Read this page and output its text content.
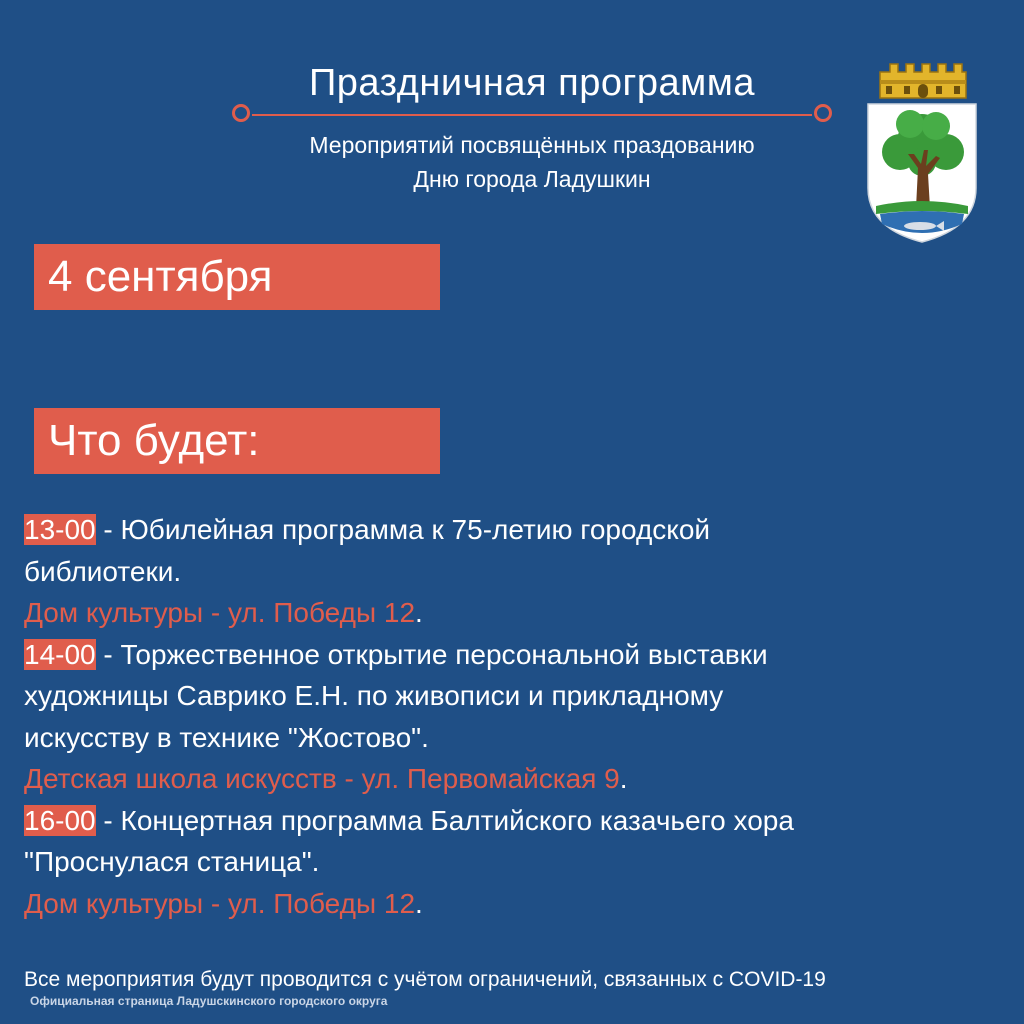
Праздничная программа
Мероприятий посвящённых праздованию
Дню города Ладушкин
4 сентября
Что будет:
13-00 - Юбилейная программа к 75-летию городской
библиотеки.
Дом культуры - ул. Победы 12.
14-00 - Торжественное открытие персональной выставки
художницы Саврико Е.Н. по живописи и прикладному
искусству в технике "Жостово".
Детская школа искусств - ул. Первомайская 9.
16-00 - Концертная программа Балтийского казачьего хора
"Проснулася станица".
Дом культуры - ул. Победы 12.
Все мероприятия будут проводится с учётом ограничений, связанных с COVID-19
Официальная страница Ладушскинского городского округа
